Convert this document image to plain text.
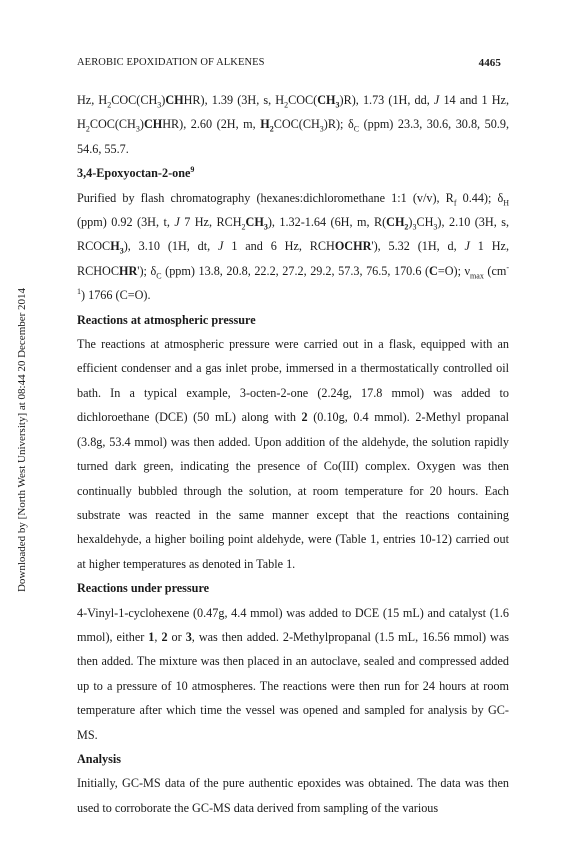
AEROBIC EPOXIDATION OF ALKENES	4465
Downloaded by [North West University] at 08:44 20 December 2014

Hz, $H_2COC(CH_3)CHHR$), 1.39 (3H, s, $H_2COC(CH_3)R$), 1.73 (1H, dd, J 14 and 1 Hz, $H_2COC(CH_3)CHHR$), 2.60 (2H, m, $H_2COC(CH_3)R$); $\delta_C$ (ppm) 23.3, 30.6, 30.8, 50.9, 54.6, 55.7.

3,4-Epoxyoctan-2-one$^9$

Purified by flash chromatography (hexanes:dichloromethane 1:1 (v/v), $R_f$ 0.44); $\delta_H$ (ppm) 0.92 (3H, t, J 7 Hz, $RCH_2CH_3$), 1.32-1.64 (6H, m, $R(CH_2)_3CH_3$), 2.10 (3H, s, $RCOCH_3$), 3.10 (1H, dt, J 1 and 6 Hz, RCHOCHR'), 5.32 (1H, d, J 1 Hz, RCHOCHR'); $\delta_C$ (ppm) 13.8, 20.8, 22.2, 27.2, 29.2, 57.3, 76.5, 170.6 (C=O); $\nu_{max}$ $(cm^{-1})$ 1766 (C=O).

Reactions at atmospheric pressure

The reactions at atmospheric pressure were carried out in a flask, equipped with an efficient condenser and a gas inlet probe, immersed in a thermostatically controlled oil bath. In a typical example, 3-octen-2-one (2.24g, 17.8 mmol) was added to dichloroethane (DCE) (50 mL) along with 2 (0.10g, 0.4 mmol). 2-Methyl propanal (3.8g, 53.4 mmol) was then added. Upon addition of the aldehyde, the solution rapidly turned dark green, indicating the presence of Co(III) complex. Oxygen was then continually bubbled through the solution, at room temperature for 20 hours. Each substrate was reacted in the same manner except that the reactions containing hexaldehyde, a higher boiling point aldehyde, were (Table 1, entries 10-12) carried out at higher temperatures as denoted in Table 1.

Reactions under pressure

4-Vinyl-1-cyclohexene (0.47g, 4.4 mmol) was added to DCE (15 mL) and catalyst (1.6 mmol), either 1, 2 or 3, was then added. 2-Methylpropanal (1.5 mL, 16.56 mmol) was then added. The mixture was then placed in an autoclave, sealed and compressed added up to a pressure of 10 atmospheres. The reactions were then run for 24 hours at room temperature after which time the vessel was opened and sampled for analysis by GC-MS.

Analysis

Initially, GC-MS data of the pure authentic epoxides was obtained. The data was then used to corroborate the GC-MS data derived from sampling of the various
